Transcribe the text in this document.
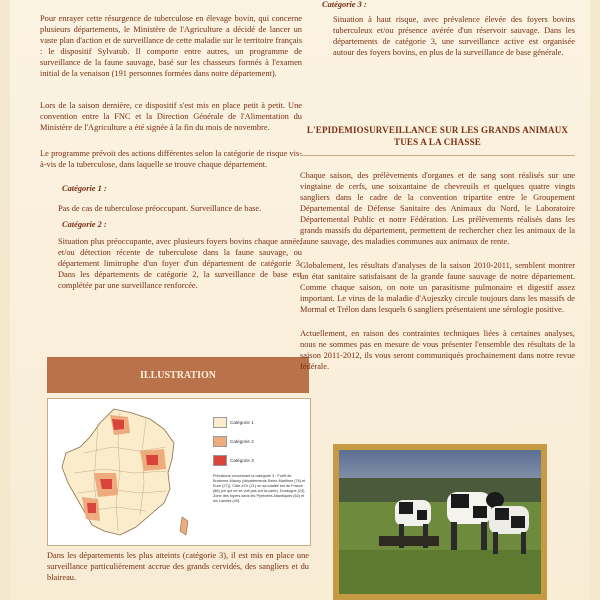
Pour enrayer cette résurgence de tuberculose en élevage bovin, qui concerne plusieurs départements, le Ministère de l'Agriculture a décidé de lancer un vaste plan d'action et de surveillance de cette maladie sur le territoire français : le dispositif Sylvatub. Il comporte entre autres, un programme de surveillance de la faune sauvage, basé sur les chasseurs formés à l'examen initial de la venaison (191 personnes formées dans notre département).

Lors de la saison dernière, ce dispositif s'est mis en place petit à petit. Une convention entre la FNC et la Direction Générale de l'Alimentation du Ministère de l'Agriculture a été signée à la fin du mois de novembre.

Le programme prévoit des actions différentes selon la catégorie de risque vis-à-vis de la tuberculose, dans laquelle se trouve chaque département.

Catégorie 1 :

Pas de cas de tuberculose préoccupant. Surveillance de base.

Catégorie 2 :

Situation plus préoccupante, avec plusieurs foyers bovins chaque année, et/ou détection récente de tuberculose dans la faune sauvage, ou département limitrophe d'un foyer d'un département de catégorie 3. Dans les départements de catégorie 2, la surveillance de base est complétée par une surveillance renforcée.

ILLUSTRATION
Catégorie 1
Catégorie 2
Catégorie 3
Précisions concernant la catégorie 3 : Forêt de Brotonne-Mauny (départements Seine-Maritime (76) et Eure (27)), Côte d'Or (21) en sa totalité est de France (88) (ce qui ne se voit pas sur la carte), Dordogne (24), Zone des foyers dans les Pyrénées Atlantiques (64) et les Landes (40).

Dans les départements les plus atteints (catégorie 3), il est mis en place une surveillance particulièrement accrue des grands cervidés, des sangliers et du blaireau.

Catégorie 3 :

Situation à haut risque, avec prévalence élevée des foyers bovins tuberculeux et/ou présence avérée d'un réservoir sauvage. Dans les départements de catégorie 3, une surveillance active est organisée autour des foyers bovins, en plus de la surveillance de base générale.

L'EPIDEMIOSURVEILLANCE SUR LES GRANDS ANIMAUX TUES A LA CHASSE

Chaque saison, des prélèvements d'organes et de sang sont réalisés sur une vingtaine de cerfs, une soixantaine de chevreuils et quelques quatre vingts sangliers dans le cadre de la convention tripartite entre le Groupement Départemental de Défense Sanitaire des Animaux du Nord, le Laboratoire Départemental Public et notre Fédération. Les prélèvements réalisés dans les grands massifs du département, permettent de rechercher chez les animaux de la faune sauvage, des maladies communes aux animaux de rente.

Globalement, les résultats d'analyses de la saison 2010-2011, semblent montrer un état sanitaire satisfaisant de la grande faune sauvage de notre département. Comme chaque saison, on note un parasitisme pulmonaire et digestif assez important. Le virus de la maladie d'Aujeszky circule toujours dans les massifs de Mormal et Trélon dans lesquels 6 sangliers présentaient une sérologie positive.

Actuellement, en raison des contraintes techniques liées à certaines analyses, nous ne sommes pas en mesure de vous présenter l'ensemble des résultats de la saison 2011-2012, ils vous seront communiqués prochainement dans notre revue fédérale.
